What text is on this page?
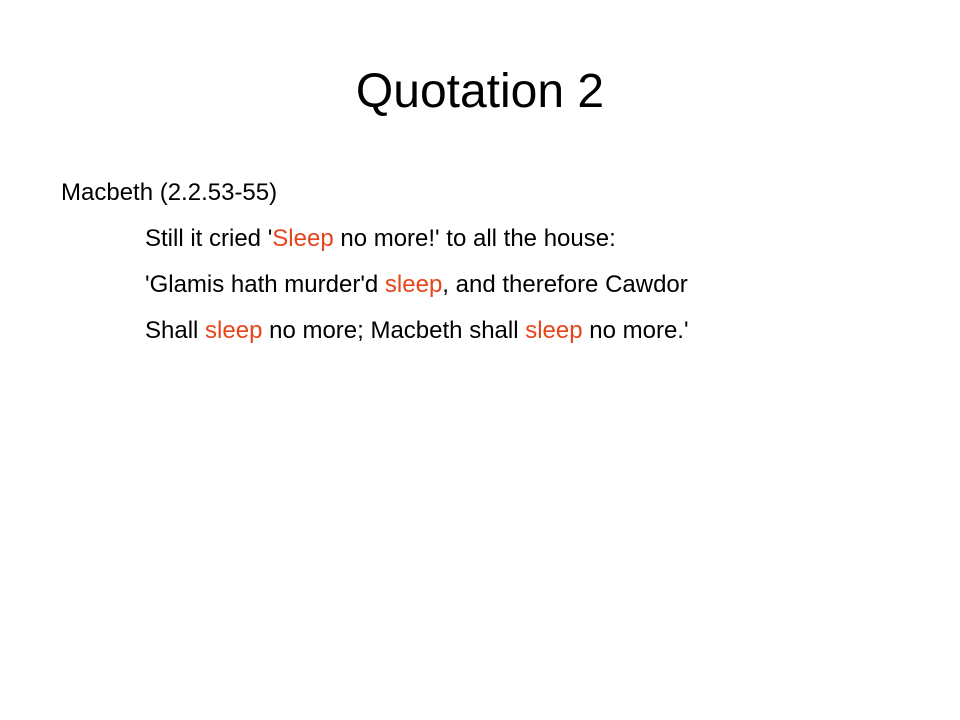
Quotation 2
Macbeth (2.2.53-55)
Still it cried 'Sleep no more!' to all the house:
'Glamis hath murder'd sleep, and therefore Cawdor
Shall sleep no more; Macbeth shall sleep no more.'
